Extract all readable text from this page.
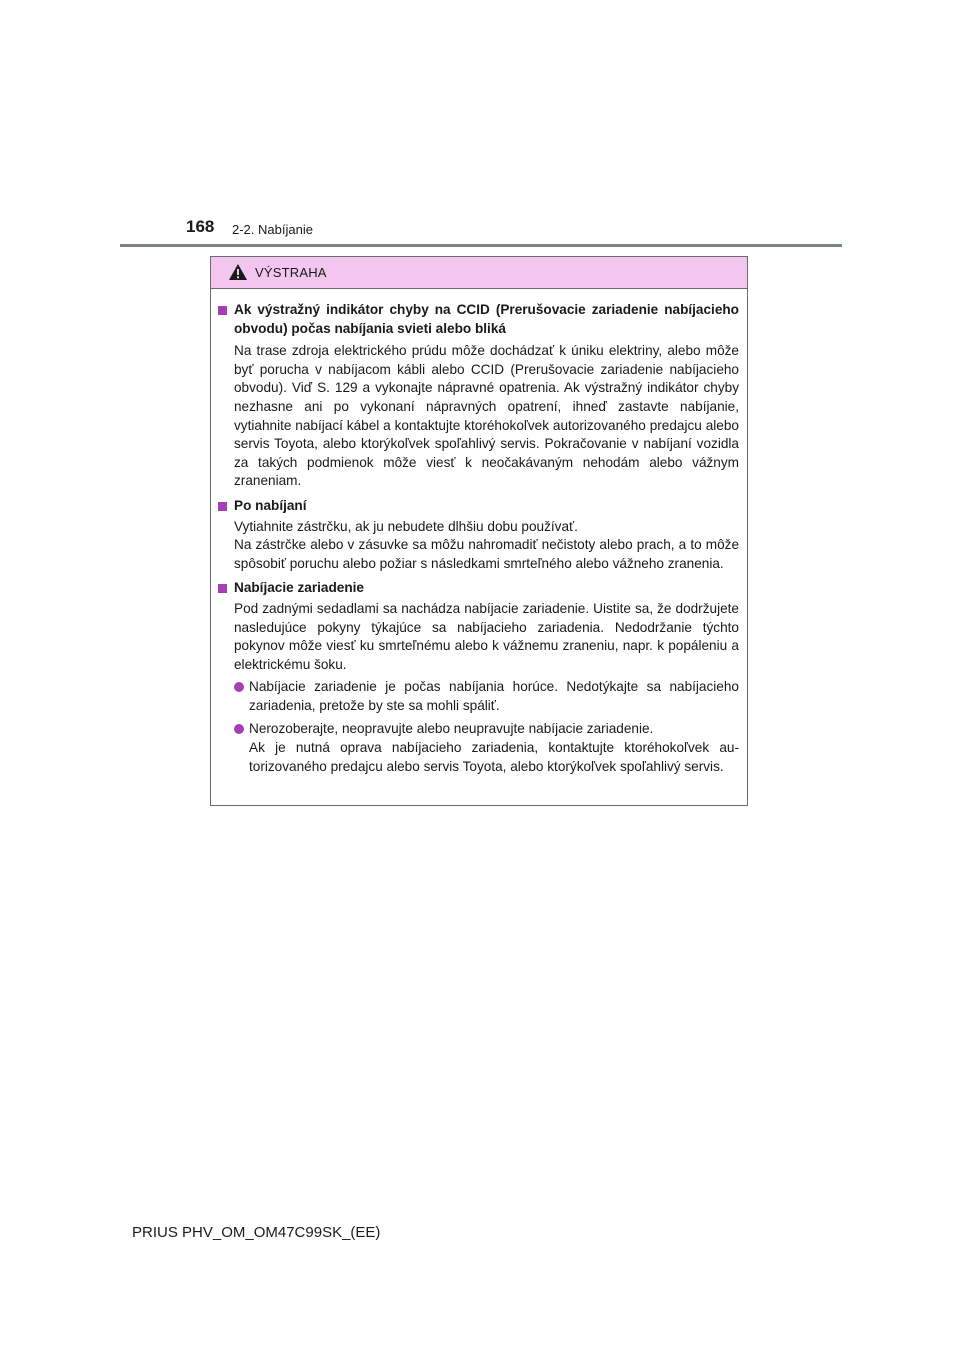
168 2-2. Nabíjanie
VÝSTRAHA
Ak výstražný indikátor chyby na CCID (Prerušovacie zariadenie nabíjacieho obvodu) počas nabíjania svieti alebo bliká
Na trase zdroja elektrického prúdu môže dochádzať k úniku elektriny, alebo môže byť porucha v nabíjacom kábli alebo CCID (Prerušovacie zariadenie nabíjacieho obvodu). Viď S. 129 a vykonajte nápravné opatrenia. Ak výstražný indikátor chyby nezhasne ani po vykonaní nápravných opatrení, ihneď zastavte nabíjanie, vytiahnite nabíjací kábel a kontaktujte ktoréhokoľvek autorizovaného predajcu alebo servis Toyota, alebo ktorýkoľvek spoľahlivý servis. Pokračovanie v nabíjaní vozidla za takých podmienok môže viesť k neočakávaným nehodám alebo vážnym zraneniam.
Po nabíjaní
Vytiahnite zástrčku, ak ju nebudete dlhšiu dobu používať.
Na zástrčke alebo v zásuvke sa môžu nahromadiť nečistoty alebo prach, a to môže spôsobiť poruchu alebo požiar s následkami smrteľného alebo vážneho zranenia.
Nabíjacie zariadenie
Pod zadnými sedadlami sa nachádza nabíjacie zariadenie. Uistite sa, že dodržujete nasledujúce pokyny týkajúce sa nabíjacieho zariadenia. Nedodržanie týchto pokynov môže viesť ku smrteľnému alebo k vážnemu zraneniu, napr. k popáleniu a elektrickému šoku.
Nabíjacie zariadenie je počas nabíjania horúce. Nedotýkajte sa nabíjacieho zariadenia, pretože by ste sa mohli spáliť.
Nerozoberajte, neopravujte alebo neupravujte nabíjacie zariadenie.
Ak je nutná oprava nabíjacieho zariadenia, kontaktujte ktoréhokoľvek autorizovaného predajcu alebo servis Toyota, alebo ktorýkoľvek spoľahlivý servis.
PRIUS PHV_OM_OM47C99SK_(EE)
